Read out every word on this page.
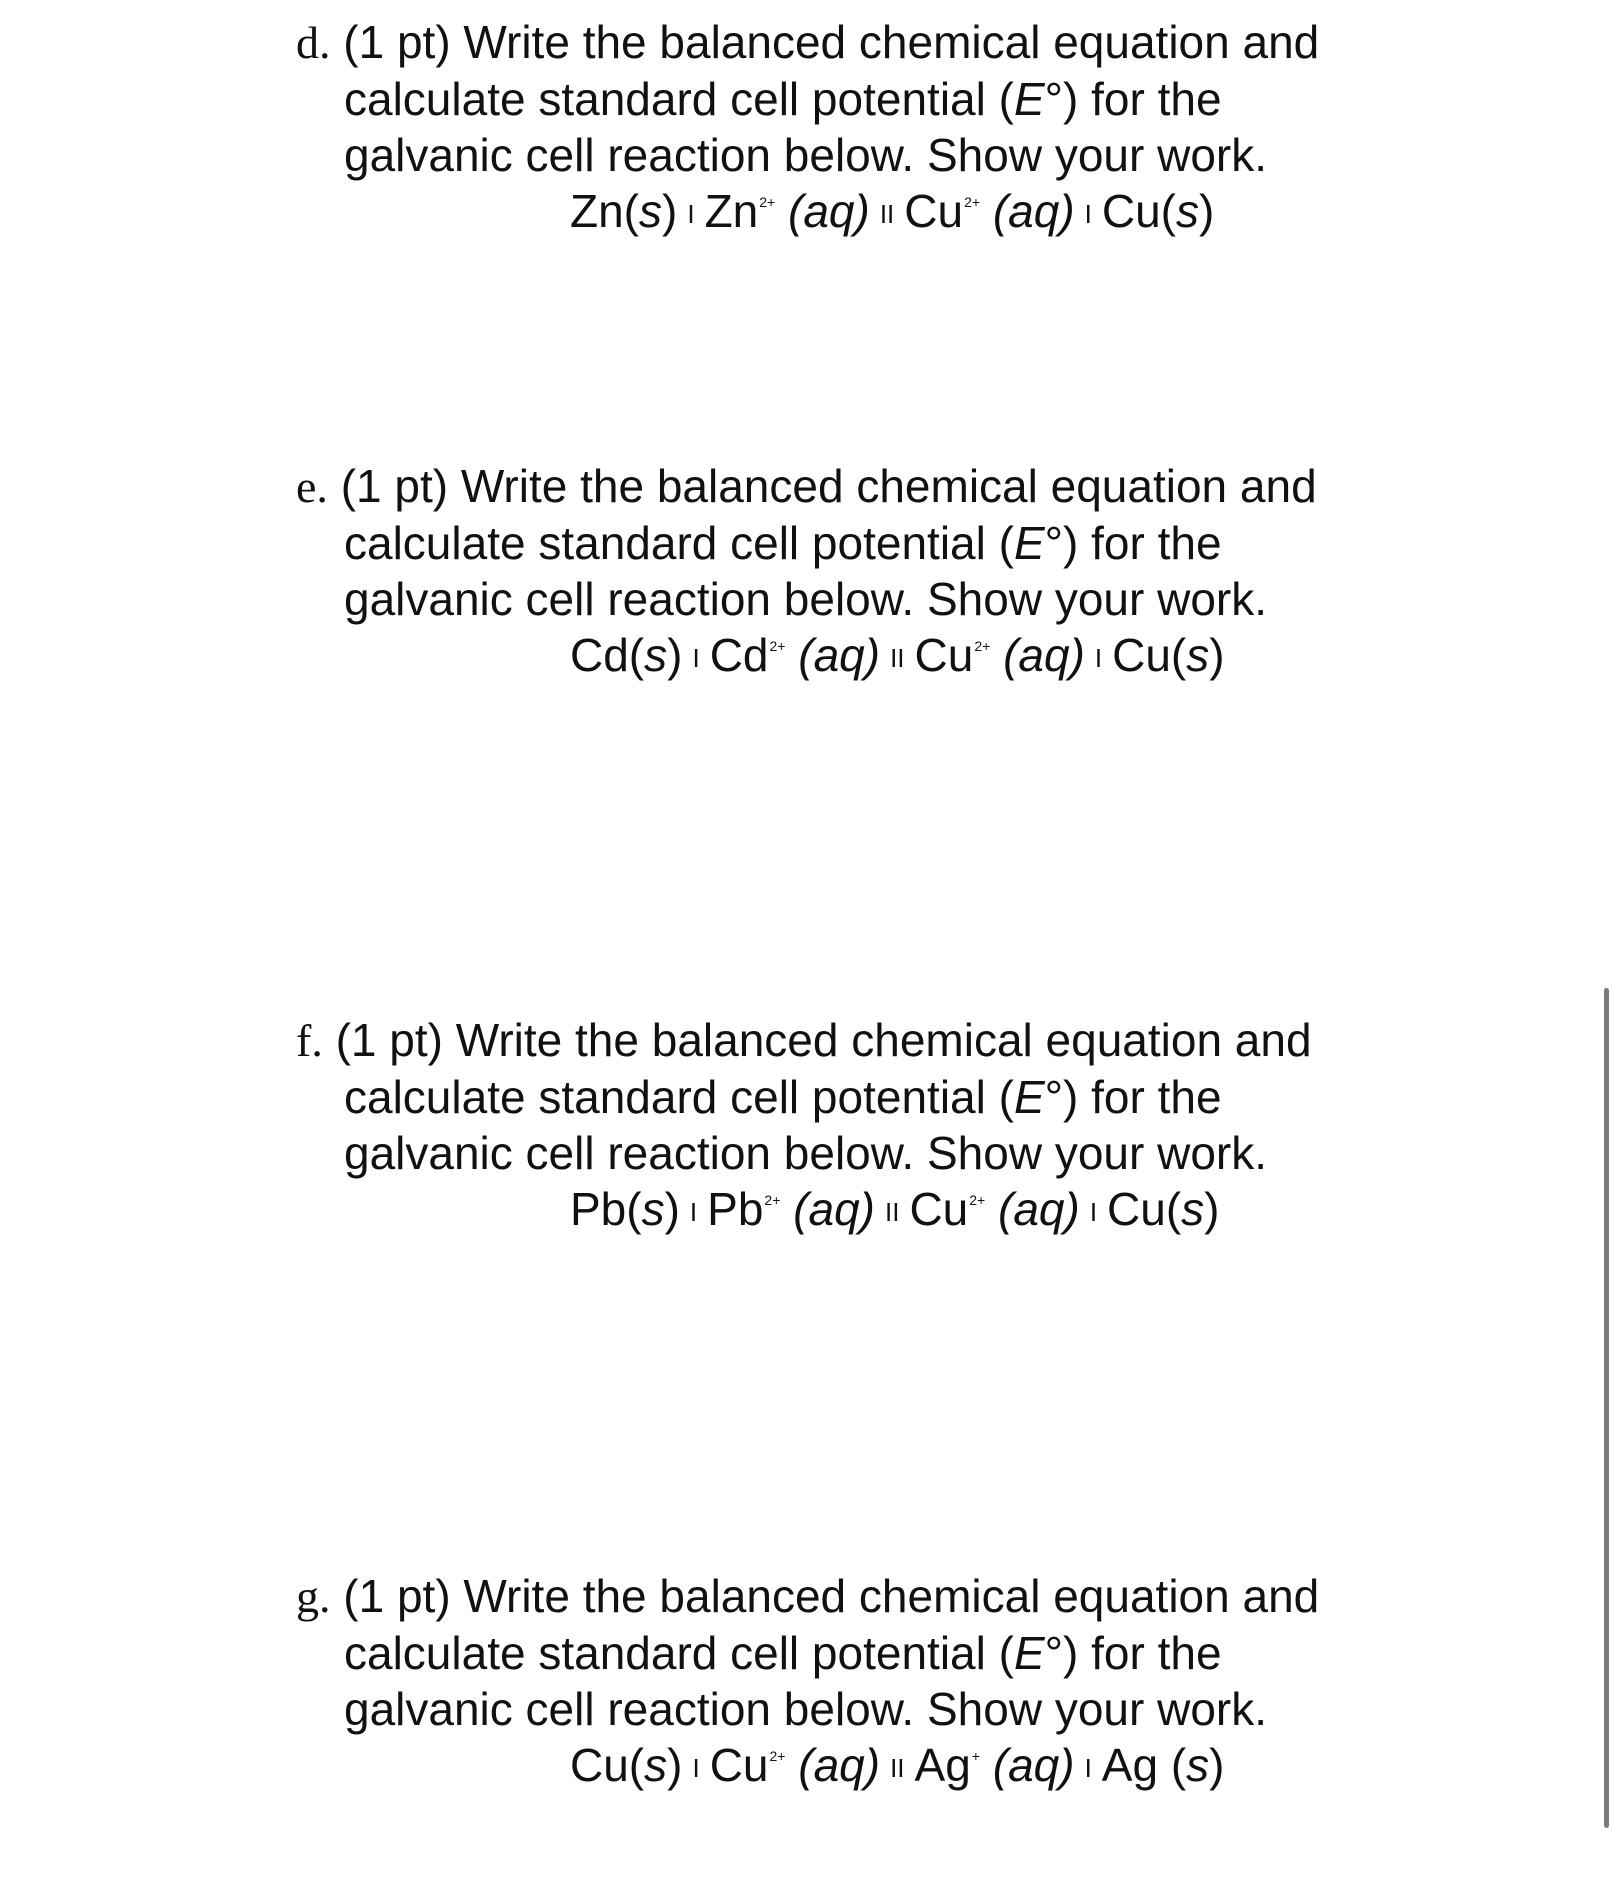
d. (1 pt) Write the balanced chemical equation and
calculate standard cell potential (E°) for the
galvanic cell reaction below. Show your work.
Zn(s) I $Zn^{2+}$ (aq) II $Cu^{2+}$ (aq) I Cu(s)
e. (1 pt) Write the balanced chemical equation and
calculate standard cell potential (E°) for the
galvanic cell reaction below. Show your work.
Cd(s) I $Cd^{2+}$ (aq) II $Cu^{2+}$ (aq) I Cu(s)
f. (1 pt) Write the balanced chemical equation and
calculate standard cell potential (E°) for the
galvanic cell reaction below. Show your work.
Pb(s) I $Pb^{2+}$ (aq) II $Cu^{2+}$ (aq) I Cu(s)
g. (1 pt) Write the balanced chemical equation and
calculate standard cell potential (E°) for the
galvanic cell reaction below. Show your work.
Cu(s) I $Cu^{2+}$ (aq) II Ag+ (aq) I Ag (s)
